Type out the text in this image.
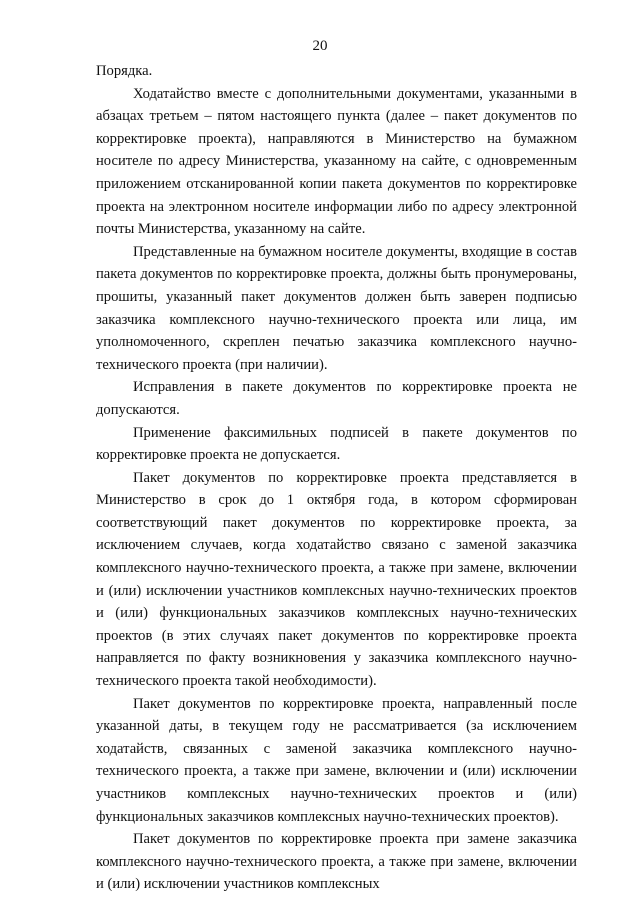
20

Порядка.

Ходатайство вместе с дополнительными документами, указанными в абзацах третьем – пятом настоящего пункта (далее – пакет документов по корректировке проекта), направляются в Министерство на бумажном носителе по адресу Министерства, указанному на сайте, с одновременным приложением отсканированной копии пакета документов по корректировке проекта на электронном носителе информации либо по адресу электронной почты Министерства, указанному на сайте.

Представленные на бумажном носителе документы, входящие в состав пакета документов по корректировке проекта, должны быть пронумерованы, прошиты, указанный пакет документов должен быть заверен подписью заказчика комплексного научно-технического проекта или лица, им уполномоченного, скреплен печатью заказчика комплексного научно-технического проекта (при наличии).

Исправления в пакете документов по корректировке проекта не допускаются.

Применение факсимильных подписей в пакете документов по корректировке проекта не допускается.

Пакет документов по корректировке проекта представляется в Министерство в срок до 1 октября года, в котором сформирован соответствующий пакет документов по корректировке проекта, за исключением случаев, когда ходатайство связано с заменой заказчика комплексного научно-технического проекта, а также при замене, включении и (или) исключении участников комплексных научно-технических проектов и (или) функциональных заказчиков комплексных научно-технических проектов (в этих случаях пакет документов по корректировке проекта направляется по факту возникновения у заказчика комплексного научно-технического проекта такой необходимости).

Пакет документов по корректировке проекта, направленный после указанной даты, в текущем году не рассматривается (за исключением ходатайств, связанных с заменой заказчика комплексного научно-технического проекта, а также при замене, включении и (или) исключении участников комплексных научно-технических проектов и (или) функциональных заказчиков комплексных научно-технических проектов).

Пакет документов по корректировке проекта при замене заказчика комплексного научно-технического проекта, а также при замене, включении и (или) исключении участников комплексных
